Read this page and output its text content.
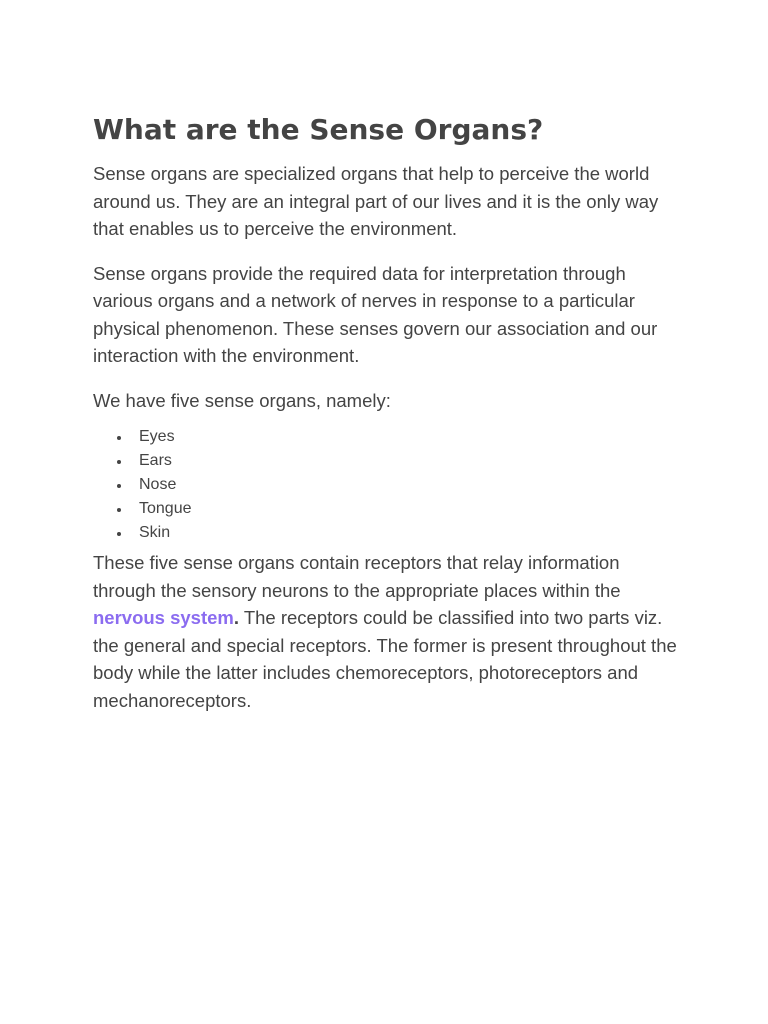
What are the Sense Organs?

Sense organs are specialized organs that help to perceive the world around us. They are an integral part of our lives and it is the only way that enables us to perceive the environment.

Sense organs provide the required data for interpretation through various organs and a network of nerves in response to a particular physical phenomenon. These senses govern our association and our interaction with the environment.

We have five sense organs, namely:

Eyes
Ears
Nose
Tongue
Skin

These five sense organs contain receptors that relay information through the sensory neurons to the appropriate places within the nervous system. The receptors could be classified into two parts viz. the general and special receptors. The former is present throughout the body while the latter includes chemoreceptors, photoreceptors and mechanoreceptors.
